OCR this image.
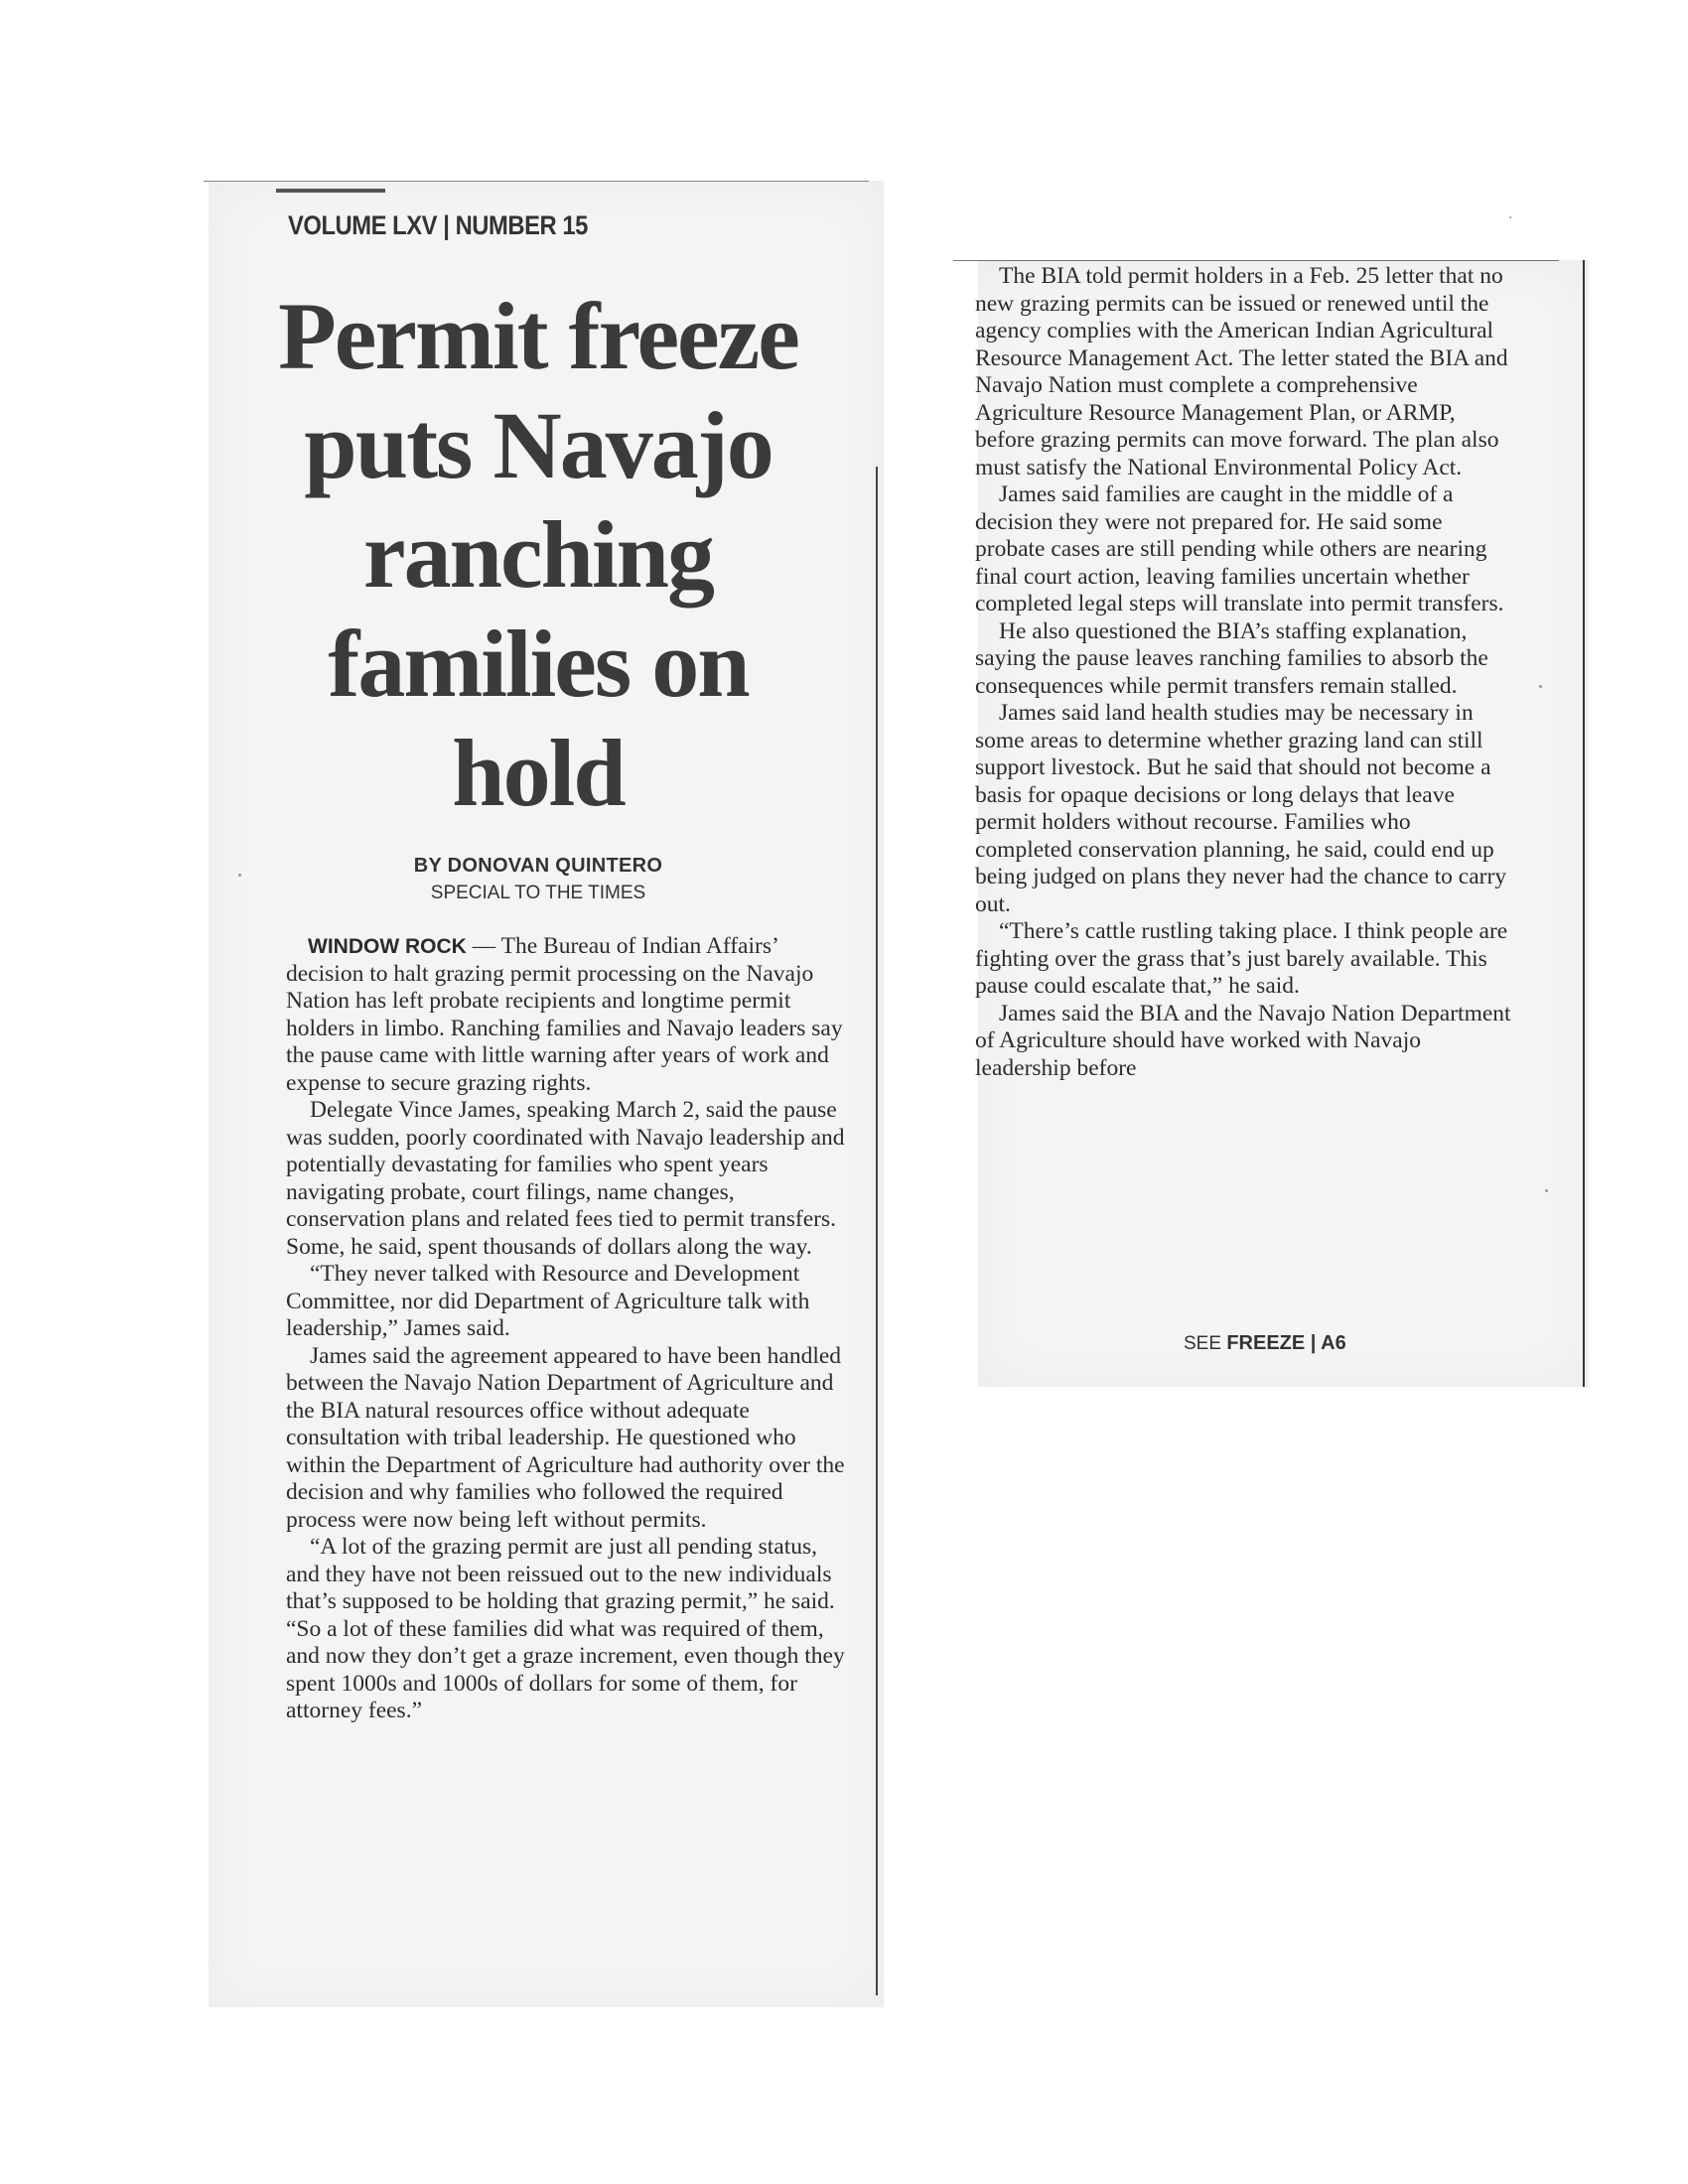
VOLUME LXV | NUMBER 15
Permit freeze puts Navajo ranching families on hold
BY DONOVAN QUINTERO
SPECIAL TO THE TIMES

WINDOW ROCK — The Bureau of Indian Affairs’ decision to halt grazing permit processing on the Navajo Nation has left probate recipients and longtime permit holders in limbo. Ranching families and Navajo leaders say the pause came with little warning after years of work and expense to secure grazing rights.

Delegate Vince James, speaking March 2, said the pause was sudden, poorly coordinated with Navajo leadership and potentially devastating for families who spent years navigating probate, court filings, name changes, conservation plans and related fees tied to permit transfers. Some, he said, spent thousands of dollars along the way.

“They never talked with Resource and Development Committee, nor did Department of Agriculture talk with leadership,” James said.

James said the agreement appeared to have been handled between the Navajo Nation Department of Agriculture and the BIA natural resources office without adequate consultation with tribal leadership. He questioned who within the Department of Agriculture had authority over the decision and why families who followed the required process were now being left without permits.

“A lot of the grazing permit are just all pending status, and they have not been reissued out to the new individuals that’s supposed to be holding that grazing permit,” he said. “So a lot of these families did what was required of them, and now they don’t get a graze increment, even though they spent 1000s and 1000s of dollars for some of them, for attorney fees.”

The BIA told permit holders in a Feb. 25 letter that no new grazing permits can be issued or renewed until the agency complies with the American Indian Agricultural Resource Management Act. The letter stated the BIA and Navajo Nation must complete a comprehensive Agriculture Resource Management Plan, or ARMP, before grazing permits can move forward. The plan also must satisfy the National Environmental Policy Act.

James said families are caught in the middle of a decision they were not prepared for. He said some probate cases are still pending while others are nearing final court action, leaving families uncertain whether completed legal steps will translate into permit transfers.

He also questioned the BIA’s staffing explanation, saying the pause leaves ranching families to absorb the consequences while permit transfers remain stalled.

James said land health studies may be necessary in some areas to determine whether grazing land can still support livestock. But he said that should not become a basis for opaque decisions or long delays that leave permit holders without recourse. Families who completed conservation planning, he said, could end up being judged on plans they never had the chance to carry out.

“There’s cattle rustling taking place. I think people are fighting over the grass that’s just barely available. This pause could escalate that,” he said.

James said the BIA and the Navajo Nation Department of Agriculture should have worked with Navajo leadership before

SEE FREEZE | A6
